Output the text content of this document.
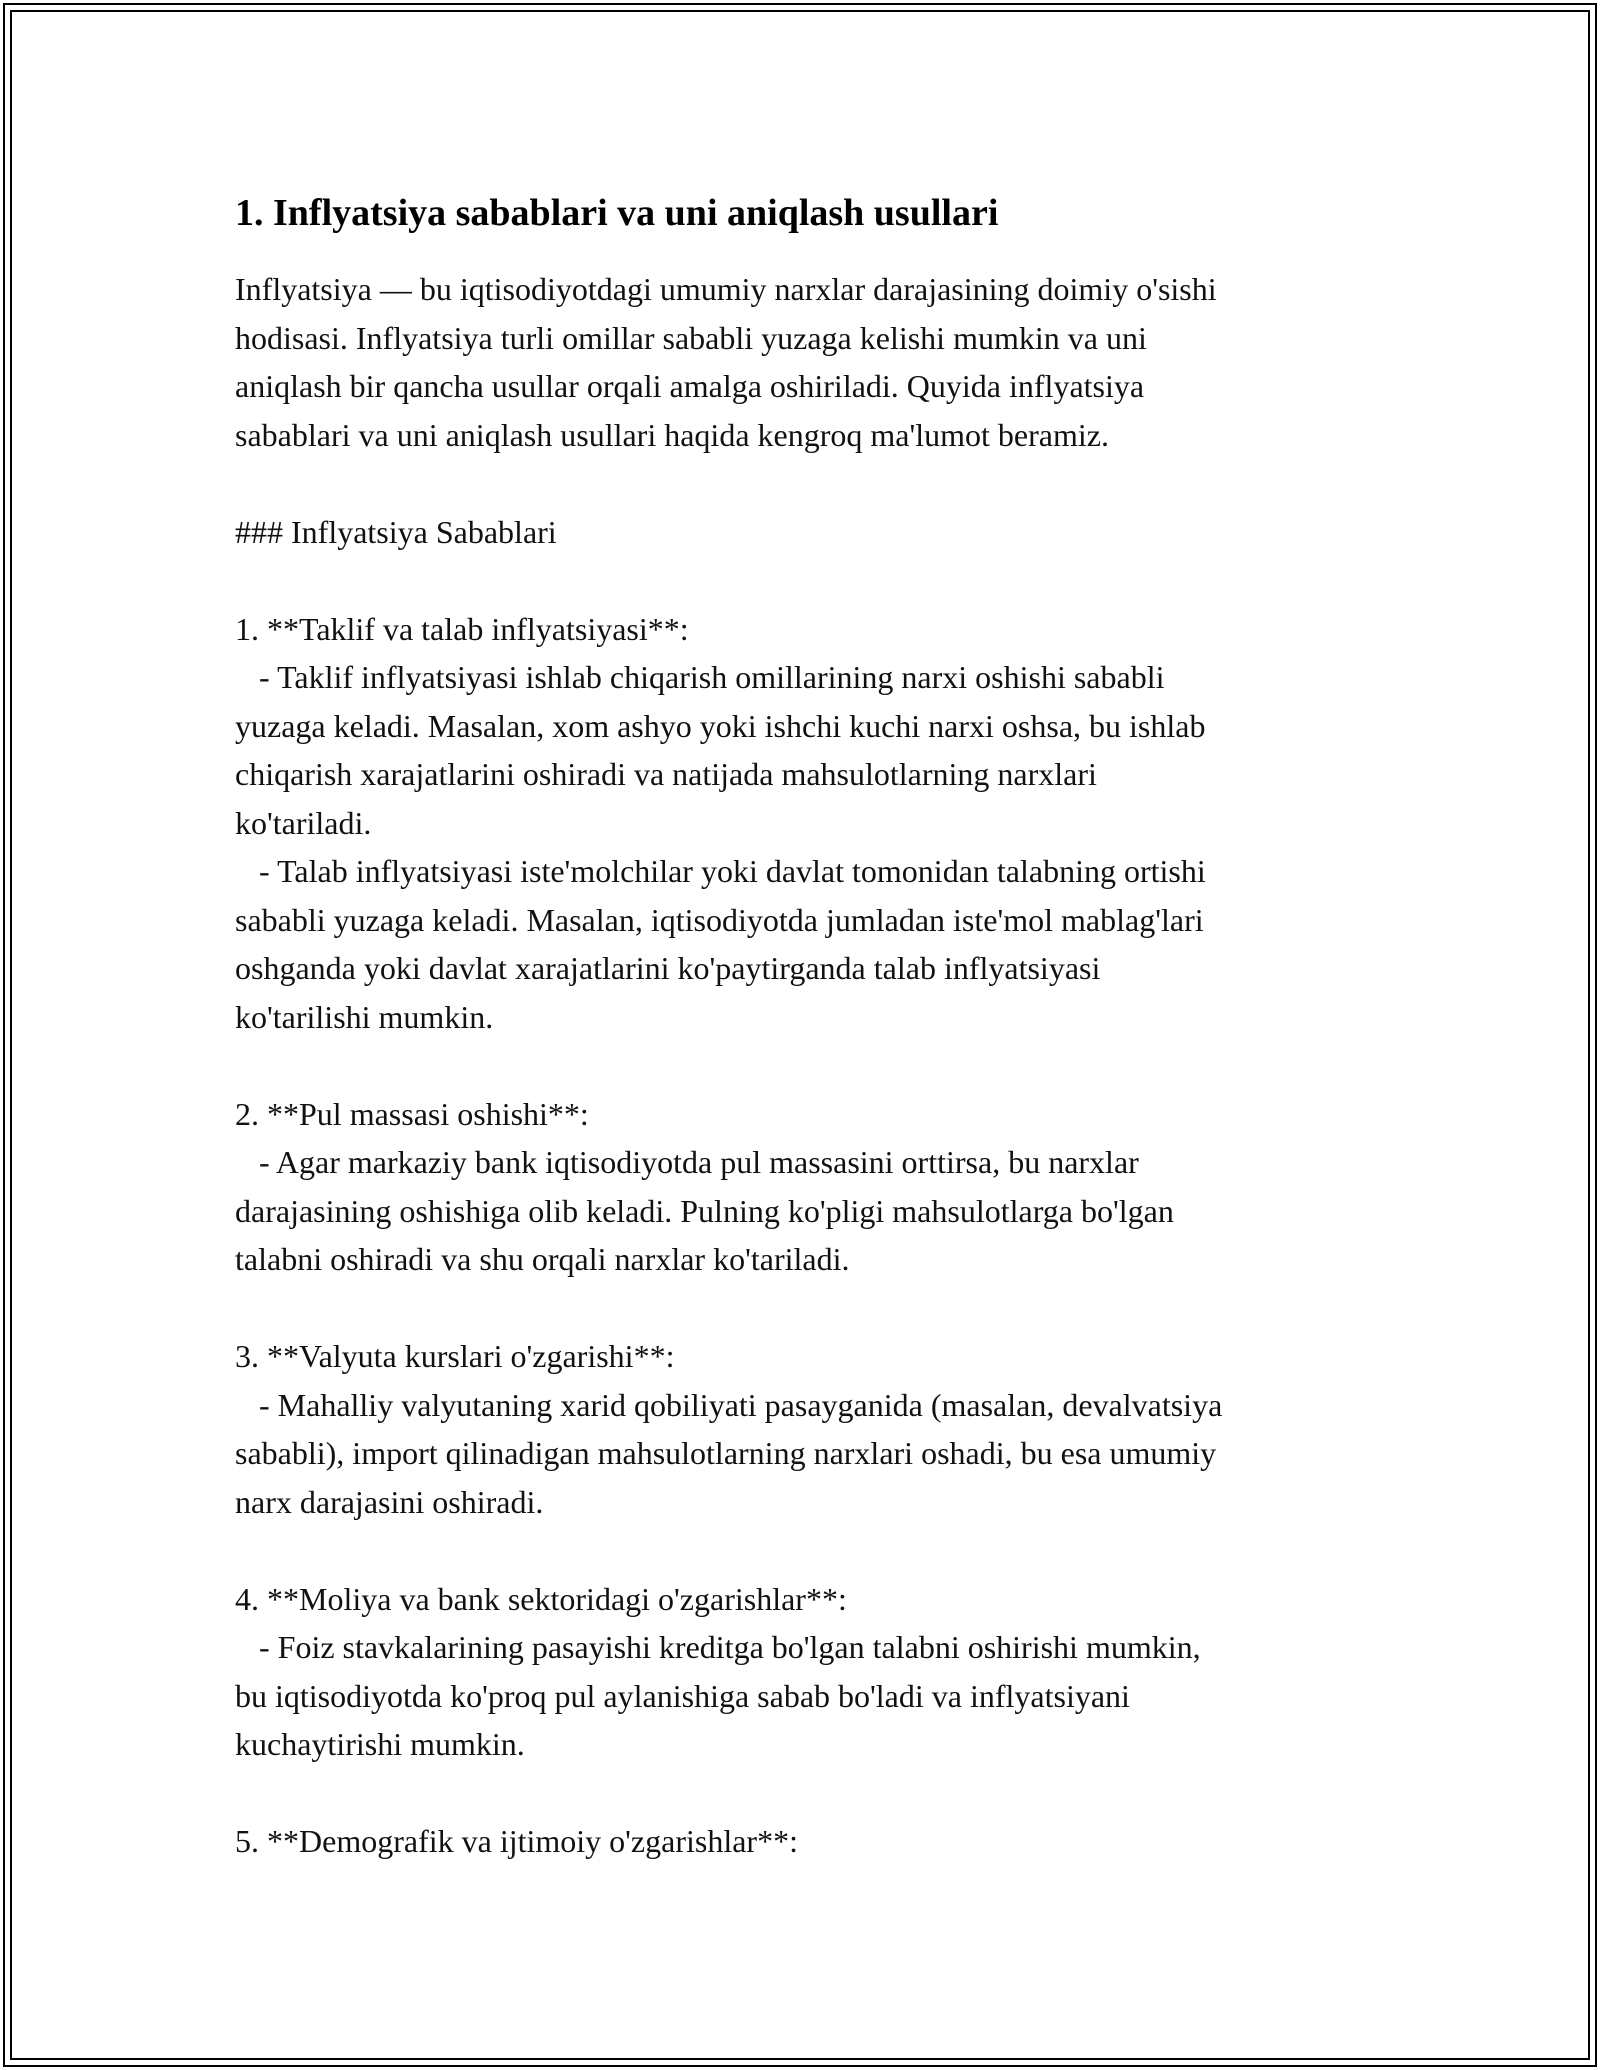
1. Inflyatsiya sabablari va uni aniqlash usullari
Inflyatsiya — bu iqtisodiyotdagi umumiy narxlar darajasining doimiy o'sishi
hodisasi. Inflyatsiya turli omillar sababli yuzaga kelishi mumkin va uni
aniqlash bir qancha usullar orqali amalga oshiriladi. Quyida inflyatsiya
sabablari va uni aniqlash usullari haqida kengroq ma'lumot beramiz.
### Inflyatsiya Sabablari
1. **Taklif va talab inflyatsiyasi**:
- Taklif inflyatsiyasi ishlab chiqarish omillarining narxi oshishi sababli
yuzaga keladi. Masalan, xom ashyo yoki ishchi kuchi narxi oshsa, bu ishlab
chiqarish xarajatlarini oshiradi va natijada mahsulotlarning narxlari
ko'tariladi.
- Talab inflyatsiyasi iste'molchilar yoki davlat tomonidan talabning ortishi
sababli yuzaga keladi. Masalan, iqtisodiyotda jumladan iste'mol mablag'lari
oshganda yoki davlat xarajatlarini ko'paytirganda talab inflyatsiyasi
ko'tarilishi mumkin.
2. **Pul massasi oshishi**:
- Agar markaziy bank iqtisodiyotda pul massasini orttirsa, bu narxlar
darajasining oshishiga olib keladi. Pulning ko'pligi mahsulotlarga bo'lgan
talabni oshiradi va shu orqali narxlar ko'tariladi.
3. **Valyuta kurslari o'zgarishi**:
- Mahalliy valyutaning xarid qobiliyati pasayganida (masalan, devalvatsiya
sababli), import qilinadigan mahsulotlarning narxlari oshadi, bu esa umumiy
narx darajasini oshiradi.
4. **Moliya va bank sektoridagi o'zgarishlar**:
- Foiz stavkalarining pasayishi kreditga bo'lgan talabni oshirishi mumkin,
bu iqtisodiyotda ko'proq pul aylanishiga sabab bo'ladi va inflyatsiyani
kuchaytirishi mumkin.
5. **Demografik va ijtimoiy o'zgarishlar**:
